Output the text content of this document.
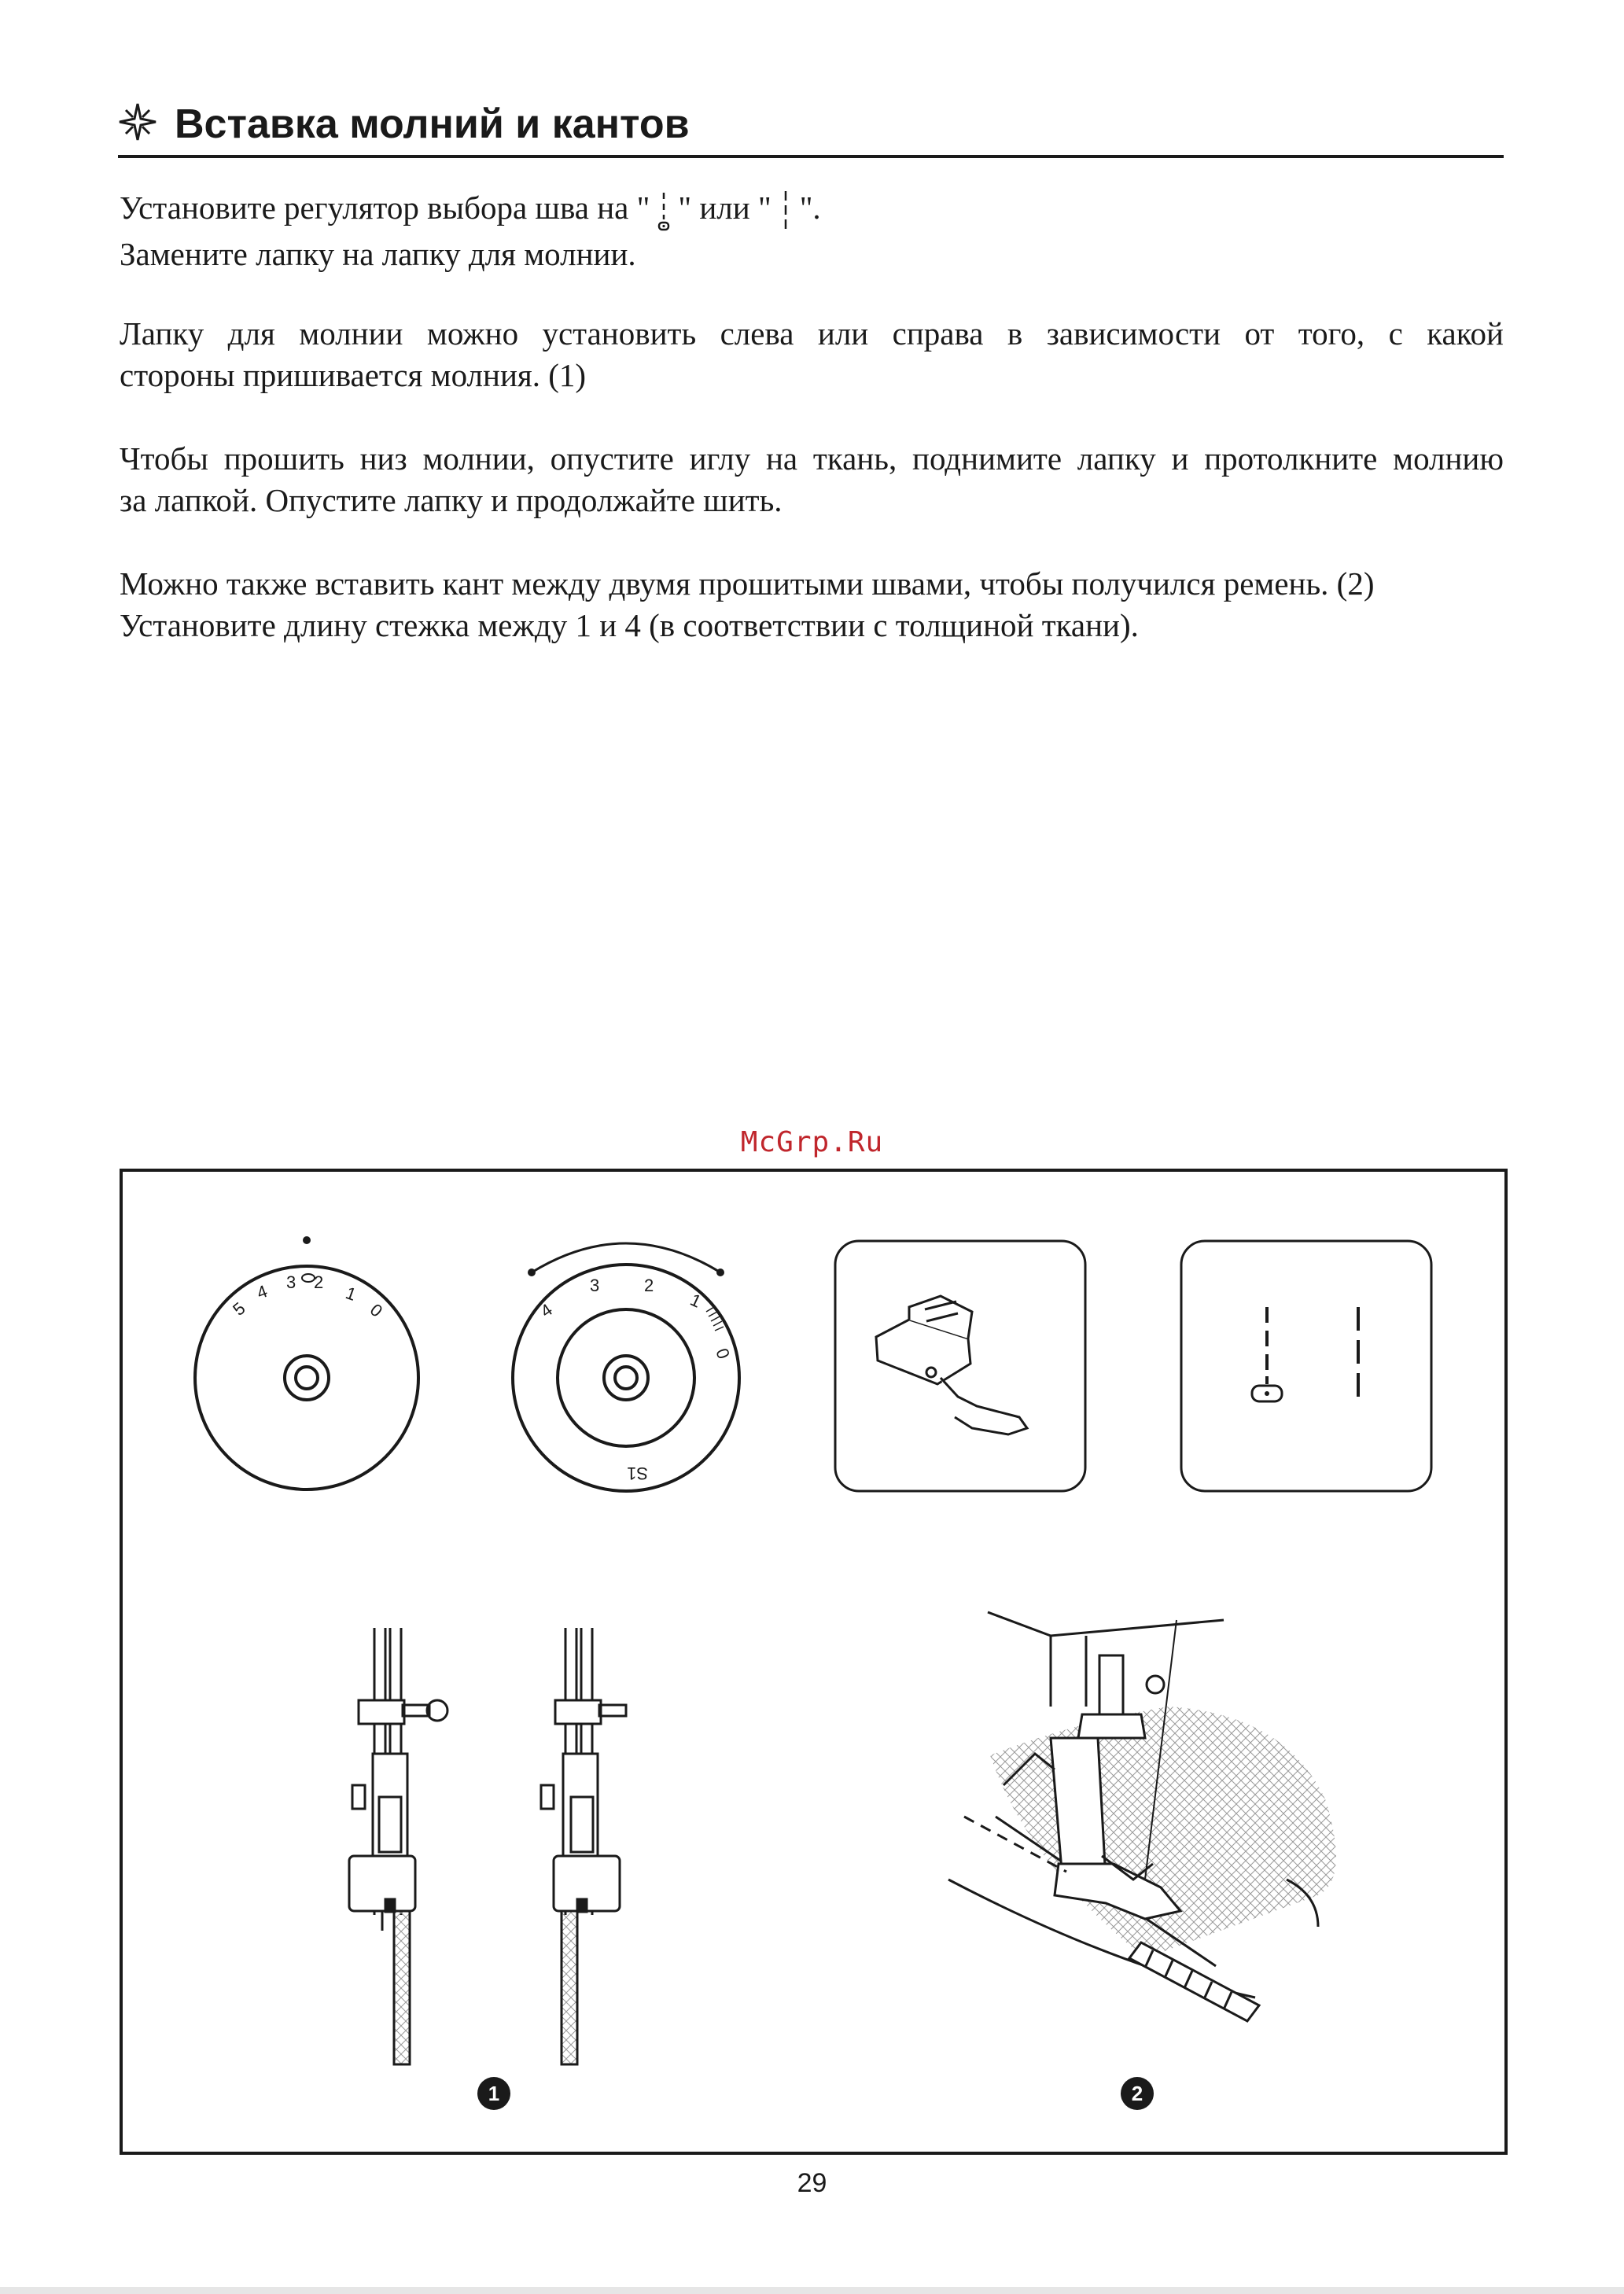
Вставка молний и кантов
Установите регулятор выбора шва на " " или " ".
Замените лапку на лапку для молнии.
Лапку для молнии можно установить слева или справа в зависимости от того, с какой
стороны пришивается молния. (1)
Чтобы прошить низ молнии, опустите иглу на ткань, поднимите лапку и протолкните молнию
за лапкой. Опустите лапку и продолжайте шить.
Можно также вставить кант между двумя прошитыми швами, чтобы получился ремень. (2)
Установите длину стежка между 1 и 4 (в соответствии с толщиной ткани).
McGrp.Ru
5
4 3 2
1
0	4
3	2
1
0
S1
1	2
29
